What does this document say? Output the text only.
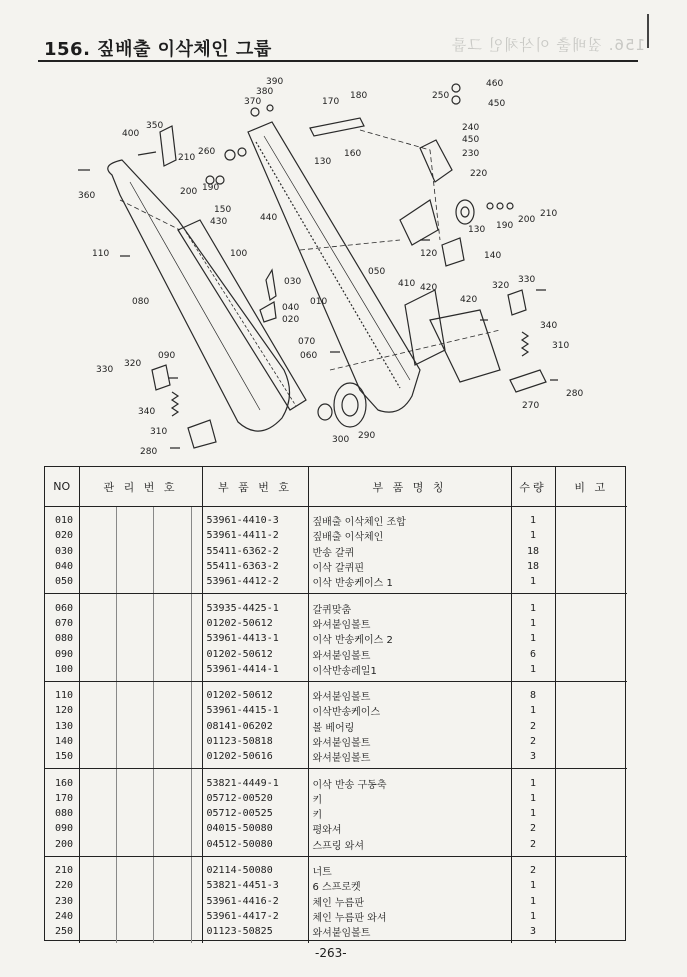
156. 짚배출 이삭체인 그룹
156. 짚배출 이삭체인 그룹
390
380
370	170
180
460
250
450
400
350	240
450
230
260
210	130
160
360	200 190
220
210
150
430	440
190
200
130
120	140
110	100
030
040
010
020
050
410 420
420
320
330
080
340
310
090
070
060
320
330
280
340
270
310	290
300
280
NO	관 리 번 호				부 품 번 호	부 품 명 칭	수량	비 고
010					53961-4410-3	짚배출 이삭체인 조합	1	
020					53961-4411-2	짚배출 이삭체인	1	
030					55411-6362-2	반송 갈퀴	18	
040					55411-6363-2	이삭 갈퀴핀	18	
050					53961-4412-2	이삭 반송케이스 1	1	
060					53935-4425-1	갈퀴맞춤	1	
070					01202-50612	와셔붙임볼트	1	
080					53961-4413-1	이삭 반송케이스 2	1	
090					01202-50612	와셔붙임볼트	6	
100					53961-4414-1	이삭반송레일1	1	
110					01202-50612	와셔붙임볼트	8	
120					53961-4415-1	이삭반송케이스	1	
130					08141-06202	볼 베어링	2	
140					01123-50818	와셔붙임볼트	2	
150					01202-50616	와셔붙임볼트	3	
160					53821-4449-1	이삭 반송 구동축	1	
170					05712-00520	키	1	
080					05712-00525	키	1	
090					04015-50080	평와셔	2	
200					04512-50080	스프링 와셔	2	
210					02114-50080	너트	2	
220					53821-4451-3	6 스프로켓	1	
230					53961-4416-2	체인 누름판	1	
240					53961-4417-2	체인 누름판 와셔	1	
250					01123-50825	와셔붙임볼트	3	
-263-
